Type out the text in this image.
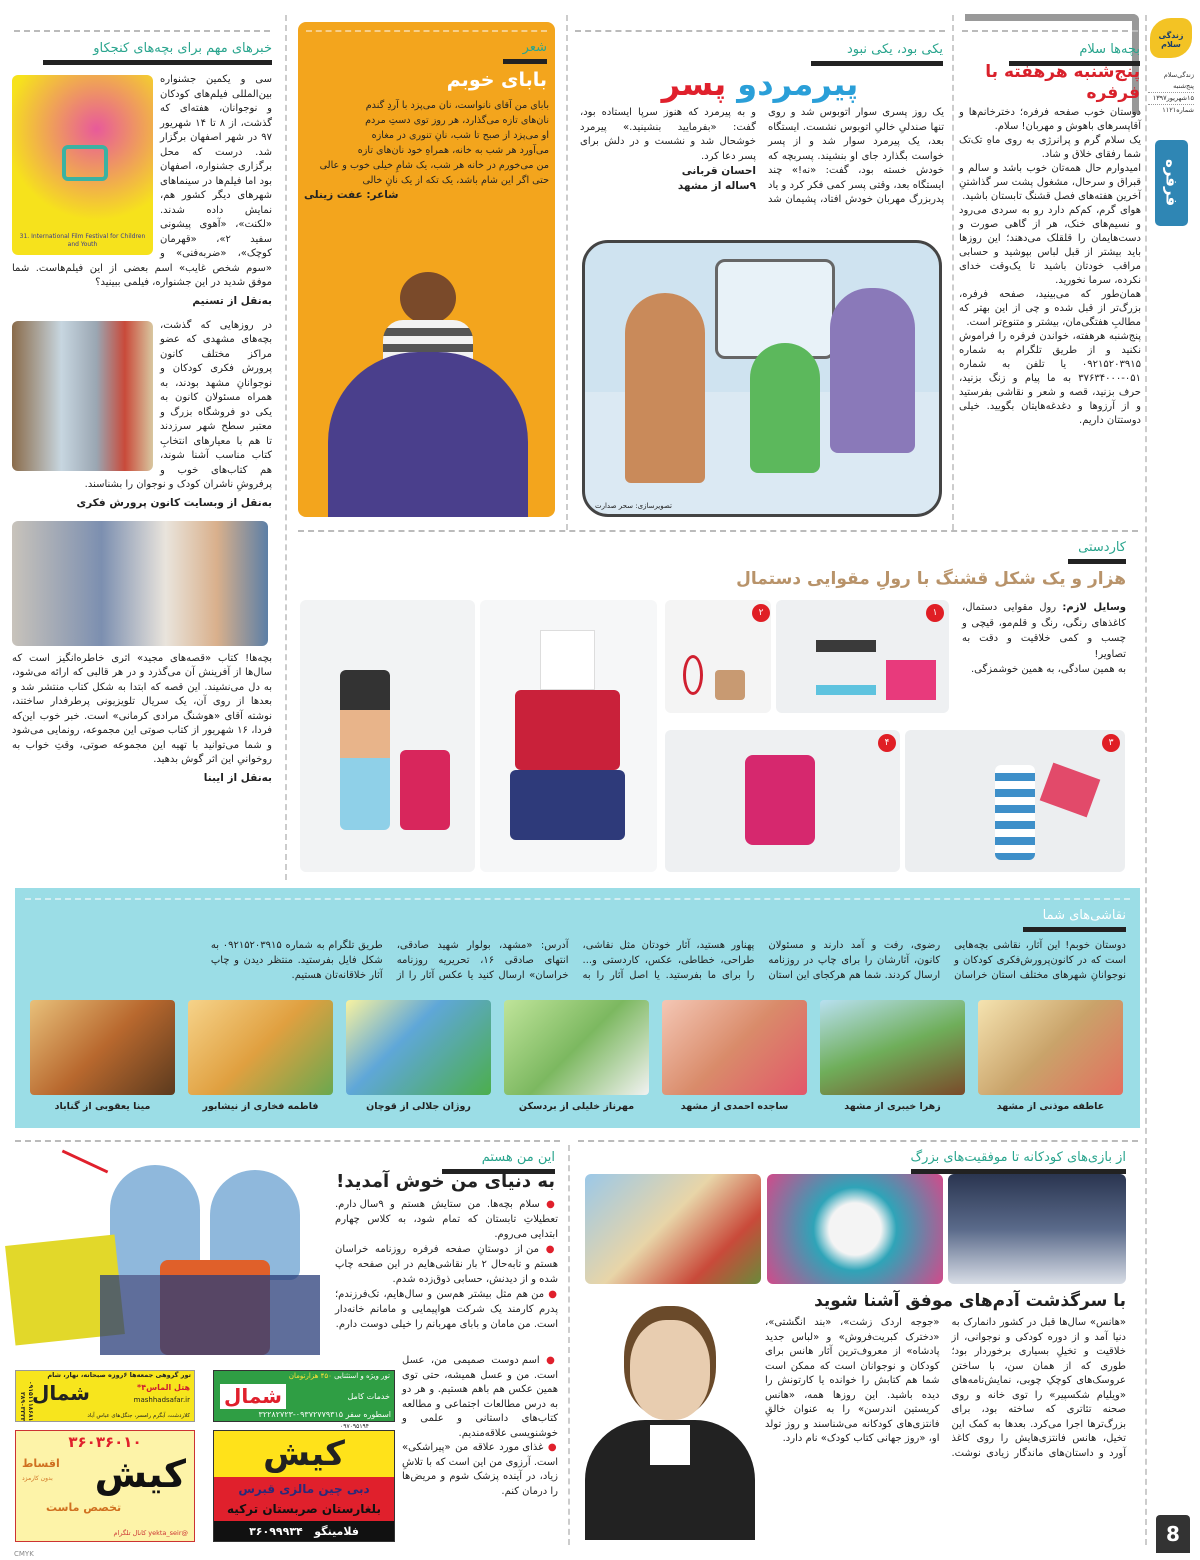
زندگی سلام
زندگی‌سلام
پنج‌شنبه
۱۵شهریور۱۳۹۷
شماره۱۱۲۱
فرفره
8
CMYK
بچه‌ها سلام
پنج‌شنبه هرهفته با فرفره

دوستان خوب صفحه فرفره؛ دخترخانم‌ها و آقاپسرهای باهوش و مهربان! سلام.

یک سلام گرم و پرانرژی به روی ماهِ تک‌تک شما رفقای خلاق و شاد.

امیدوارم حال همه‌تان خوب باشد و سالم و قبراق و سرحال، مشغول پشت سر گذاشتنِ آخرین هفته‌های فصل قشنگ تابستان باشید.

هوای گرم، کم‌کم دارد رو به سردی می‌رود و نسیم‌های خنک، هر از گاهی صورت و دست‌هایمان را قلقلک می‌دهند؛ این روزها باید بیشتر از قبل لباس بپوشید و حسابی مراقب خودتان باشید تا یک‌وقت خدای نکرده، سرما نخورید.

همان‌طور که می‌بینید، صفحه فرفره، بزرگ‌تر از قبل شده و چی از این بهتر که مطالبِ هفتگی‌مان، بیشتر و متنوع‌تر است.

پنج‌شنبه هرهفته، خواندن فرفره را فراموش نکنید و از طریق تلگرام به شماره ۰۹۲۱۵۲۰۳۹۱۵ یا تلفن به شماره ۰۵۱-۳۷۶۳۴۰۰۰ به ما پیام و زنگ بزنید، حرف بزنید، قصه و شعر و نقاشی بفرستید و از آرزوها و دغدغه‌هایتان بگویید. خیلی دوستتان داریم.

یکی بود، یکی نبود
پیرمردو پسر

یک روز پسری سوار اتوبوس شد و روی تنها صندلیِ خالیِ اتوبوس نشست. ایستگاه بعد، یک پیرمرد سوار شد و از پسر خواست بگذارد جای او بنشیند. پسربچه که خودش خسته بود، گفت: «نه!» چند ایستگاه بعد، وقتی پسر کمی فکر کرد و یاد پدربزرگ مهربان خودش افتاد، پشیمان شد و به پیرمرد که هنوز سرپا ایستاده بود، گفت: «بفرمایید بنشینید.» پیرمرد خوشحال شد و نشست و در دلش برای پسر دعا کرد.

احسان قربانی

۹ساله از مشهد

تصویرسازی: سحر صدارت
شعر
بابای خوبم

بابای من آقای نانواست، نان می‌پزد با آردِ گندم

نان‌های تازه می‌گذارد، هر روز توی دستِ مردم

او می‌پزد از صبح تا شب، نانِ تنوری در مغازه

می‌آورد هر شب به خانه، همراهِ خود نان‌های تازه

من می‌خورم در خانه هر شب، یک شامِ خیلی خوب و عالی

حتی اگر این شام باشد، یک تکه از یک نانِ خالی

شاعر: عفت زینلی

خبرهای مهم برای بچه‌های کنجکاو
31. International Film Festival for Children and Youth

سی و یکمین جشنواره بین‌المللی فیلم‌های کودکان و نوجوانان، هفته‌ای که گذشت، از ۸ تا ۱۴ شهریور ۹۷ در شهر اصفهان برگزار شد. درست که محل برگزاری جشنواره، اصفهان بود اما فیلم‌ها در سینماهای شهرهای دیگر کشور هم، نمایش داده شدند. «لکنت»، «آهوی پیشونی سفید ۲»، «قهرمان کوچک»، «ضربه‌فنی» و «سوم شخص غایب» اسم بعضی از این فیلم‌هاست. شما موفق شدید در این جشنواره، فیلمی ببینید؟

به‌نقل از تسنیم

در روزهایی که گذشت، بچه‌های مشهدی که عضو مراکز مختلف کانون پرورش فکری کودکان و نوجوانانِ مشهد بودند، به همراه مسئولان کانون به یکی دو فروشگاه بزرگ و معتبر سطح شهر سرزدند تا هم با معیارهای انتخابِ کتاب مناسب آشنا شوند، هم کتاب‌های خوب و پرفروشِ ناشران کودک و نوجوان را بشناسند.

به‌نقل از وبسایت کانون پرورش فکری

بچه‌ها! کتاب «قصه‌های مجید» اثری خاطره‌انگیز است که سال‌ها از آفرینش آن می‌گذرد و در هر قالبی که ارائه می‌شود، به دل می‌نشیند. این قصه که ابتدا به شکل کتاب منتشر شد و بعدها از روی آن، یک سریال تلویزیونی پرطرفدار ساختند، نوشته آقای «هوشنگ مرادی کرمانی» است. خبر خوب این‌که فردا، ۱۶ شهریور از کتاب صوتی این مجموعه، رونمایی می‌شود و شما می‌توانید با تهیه این مجموعه صوتی، وقتِ خواب به روخوانیِ این اثر گوش بدهید.

به‌نقل از ایبنا
کاردستی
هزار و یک شکل قشنگ با رولِ مقوایی دستمال

وسایل لازم: رول مقوایی دستمال، کاغذهای رنگی، رنگ و قلم‌مو، قیچی و چسب و کمی خلاقیت و دقت به تصاویر!

به همین سادگی، به همین خوشمزگی.

۱
۲
۳
۴
نقاشی‌های شما
دوستان خوبم! این آثار، نقاشی بچه‌هایی است که در کانون‌پرورش‌فکری کودکان و نوجوانانِ شهرهای مختلف استان خراسان رضوی، رفت و آمد دارند و مسئولان کانون، آثارشان را برای چاپ در روزنامه ارسال کردند. شما هم هرکجای این استان پهناور هستید، آثار خودتان مثل نقاشی، طراحی، خطاطی، عکس، کاردستی و... را برای ما بفرستید. یا اصل آثار را به آدرس: «مشهد، بولوار شهید صادقی، انتهای صادقی ۱۶، تحریریه روزنامه خراسان» ارسال کنید یا عکس آثار را از طریق تلگرام به شماره ۰۹۲۱۵۲۰۳۹۱۵ به شکل فایل بفرستید. منتظر دیدن و چاپ آثار خلاقانه‌تان هستیم.
عاطفه موذنی از مشهد
زهرا خیبری از مشهد
ساجده احمدی از مشهد
مهرناز خلیلی از بردسکن
روژان جلالی از قوچان
فاطمه فخاری از نیشابور
مینا یعقوبی از گناباد
از بازی‌های کودکانه تا موفقیت‌های بزرگ
با سرگذشت آدم‌های موفق آشنا شوید
«هانس» سال‌ها قبل در کشور دانمارک به دنیا آمد و از دوره کودکی و نوجوانی، از خلاقیت و تخیلِ بسیاری برخوردار بود؛ طوری که از همان سن، با ساختن عروسک‌های کوچکِ چوبی، نمایش‌نامه‌های «ویلیام شکسپیر» را توی خانه و روی صحنه تئاتری که ساخته بود، برای بزرگ‌ترها اجرا می‌کرد. بعدها به کمک این تخیل، هانس فانتزی‌هایش را روی کاغذ آورد و داستان‌های ماندگار زیادی نوشت. «جوجه اردک زشت»، «بند انگشتی»، «دخترک کبریت‌فروش» و «لباس جدید پادشاه» از معروف‌ترین آثار هانس برای کودکان و نوجوانان است که ممکن است شما هم کتابش را خوانده یا کارتونش را دیده باشید. این روزها همه، «هانس کریستین اندرسن» را به عنوان خالقِ فانتزی‌های کودکانه می‌شناسند و روز تولد او، «روز جهانی کتاب کودک» نام دارد.
این من هستم
به دنیای من خوش آمدید!

● سلام بچه‌ها. من ستایش هستم و ۹سال دارم. تعطیلاتِ تابستان که تمام شود، به کلاس چهارم ابتدایی می‌روم.

● من از دوستانِ صفحه فرفره روزنامه خراسان هستم و تا‌به‌حال ۲ بار نقاشی‌هایم در این صفحه چاپ شده و از دیدنش، حسابی ذوق‌زده شدم.

● من هم مثل بیشتر هم‌سن و سال‌هایم، تک‌فرزندم؛ پدرم کارمند یک شرکت هواپیمایی و مامانم خانه‌دار است. من مامان و بابای مهربانم را خیلی دوست دارم.

● اسم دوست صمیمی من، عسل است. من و عسل همیشه، حتی توی همین عکس هم باهم هستیم. و هر دو به درس مطالعات اجتماعی و مطالعه کتاب‌های داستانی و علمی و خوشنویسی علاقه‌مندیم.

● غذای مورد علاقه من «پیراشکی» است. آرزوی من این است که با تلاشِ زیاد، در آینده پزشک شوم و مریض‌ها را درمان کنم.

تور ویژه و استثنایی ۴۵۰ هزارتومان
شمال	خدمات کامل
اسطوره سفر ۰۹۳۷۲۷۷۹۳۱۵-۳۲۲۸۲۷۲۳
۰۹۷۰۹۵۱۹۴
تور گروهی جمعه‌ها ۶روزه صبحانه، نهار، شام
هتل الماس۴*
شمال	mashhadsafar.ir
۰۹۱۵۱۱۱۸۶۸۱ ۳۸۹۰۳۳۳۳	کلاردشت، آبگرم رامسر، جنگل‌های عباس آباد
کیش
دبی چین مالزی قبرس
بلغارستان صربستان ترکیه
فلامینگو   ۳۶۰۹۹۹۳۴
۳۶۰۳۶۰۱۰
کیش
اقساط
بدون کارمزد
تخصص ماست
@yekta_seir کانال تلگرام
